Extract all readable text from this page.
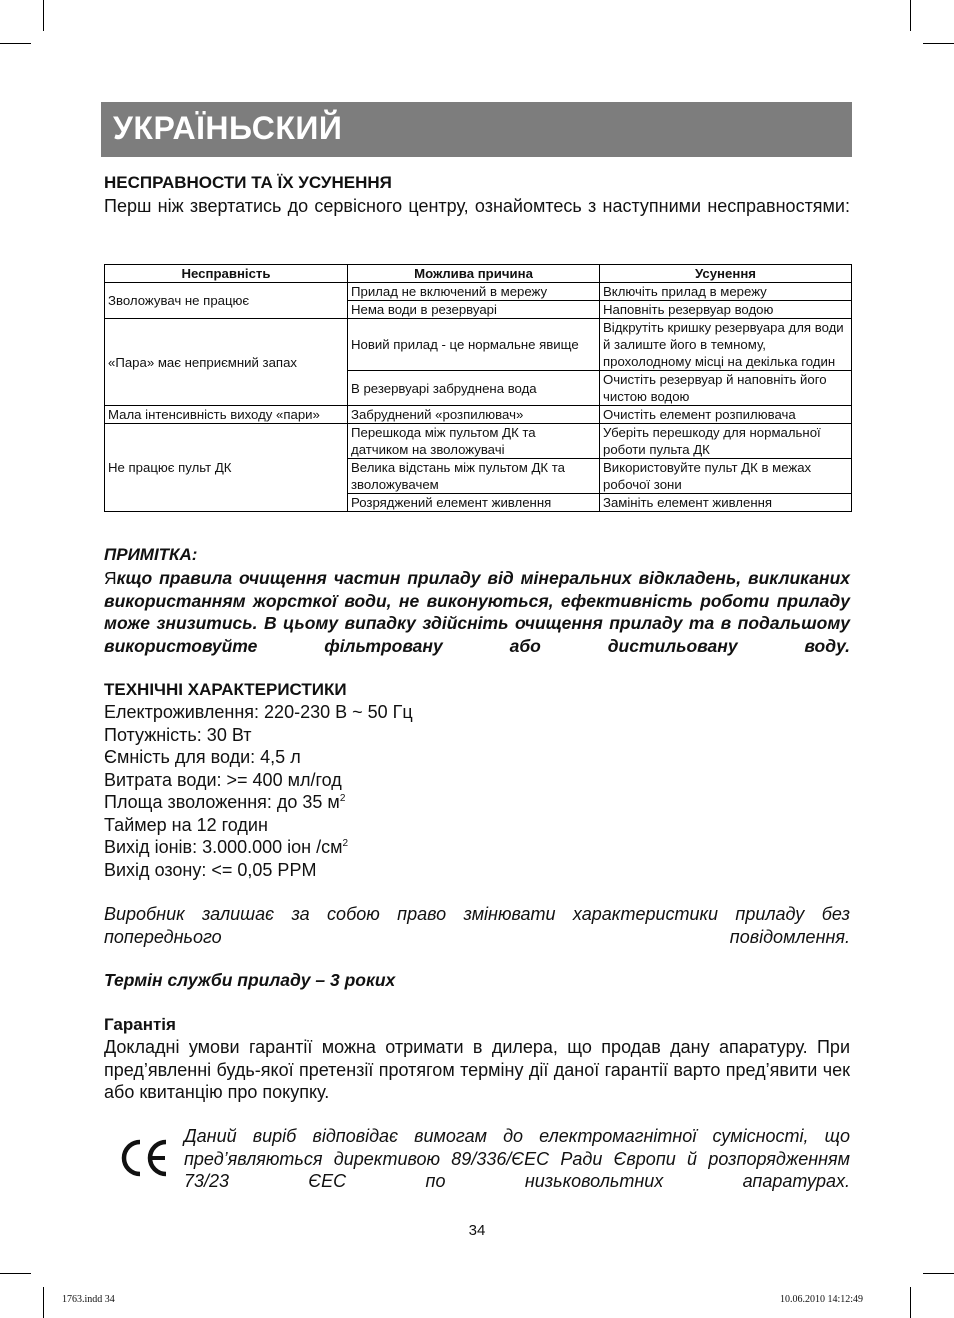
УКРАЇНЬСКИЙ
НЕСПРАВНОСТИ ТА ЇХ УСУНЕННЯ
Перш ніж звертатись до сервісного центру, ознайомтесь з наступними несправностями:
Несправність	Можлива причина	Усунення
Зволожувач не працює	Прилад не включений в мережу	Включіть прилад в мережу
	Нема води в резервуарі	Наповніть резервуар водою
«Пара» має неприємний запах	Новий прилад - це нормальне явище	Відкрутіть кришку резервуара для води й залиште його в темному, прохолодному місці на декілька годин
	В резервуарі забруднена вода	Очистіть резервуар й наповніть його чистою водою
Мала інтенсивність виходу «пари»	Забруднений «розпилювач»	Очистіть елемент розпилювача
Не працює пульт ДК	Перешкода між пультом ДК та датчиком на зволожувачі	Уберіть перешкоду для нормальної роботи пульта ДК
	Велика відстань між пультом ДК та зволожувачем	Використовуйте пульт ДК в межах робочої зони
	Розряджений елемент живлення	Замініть елемент живлення
ПРИМІТКА:
Якщо правила очищення частин приладу від мінеральних відкладень, викликаних використанням жорсткої води, не виконуються, ефективність роботи приладу може знизитись. В цьому випадку здійсніть очищення приладу та в подальшому використовуйте фільтровану або дистильовану воду.
ТЕХНІЧНІ ХАРАКТЕРИСТИКИ
Електроживлення: 220-230 В ~ 50 Гц
Потужність: 30 Вт
Ємність для води: 4,5 л
Витрата води: >= 400 мл/год
Площа зволоження: до 35 $м^2$
Таймер на 12 годин
Вихід іонів: 3.000.000 іон $/см^2$
Вихід озону: <= 0,05 PPM
Виробник залишає за собою право змінювати характеристики приладу без попереднього повідомлення.
Термін служби приладу – 3 роких
Гарантія
Докладні умови гарантії можна отримати в дилера, що продав дану апаратуру. При пред’явленні будь-якої претензії протягом терміну дії даної гарантії варто пред’явити чек або квитанцію про покупку.
Даний виріб відповідає вимогам до електромагнітної сумісності, що пред’являються директивою 89/336/ЄЕС Ради Європи й розпорядженням 73/23 ЄЕС по низьковольтних апаратурах.
34
1763.indd 34	10.06.2010 14:12:49
